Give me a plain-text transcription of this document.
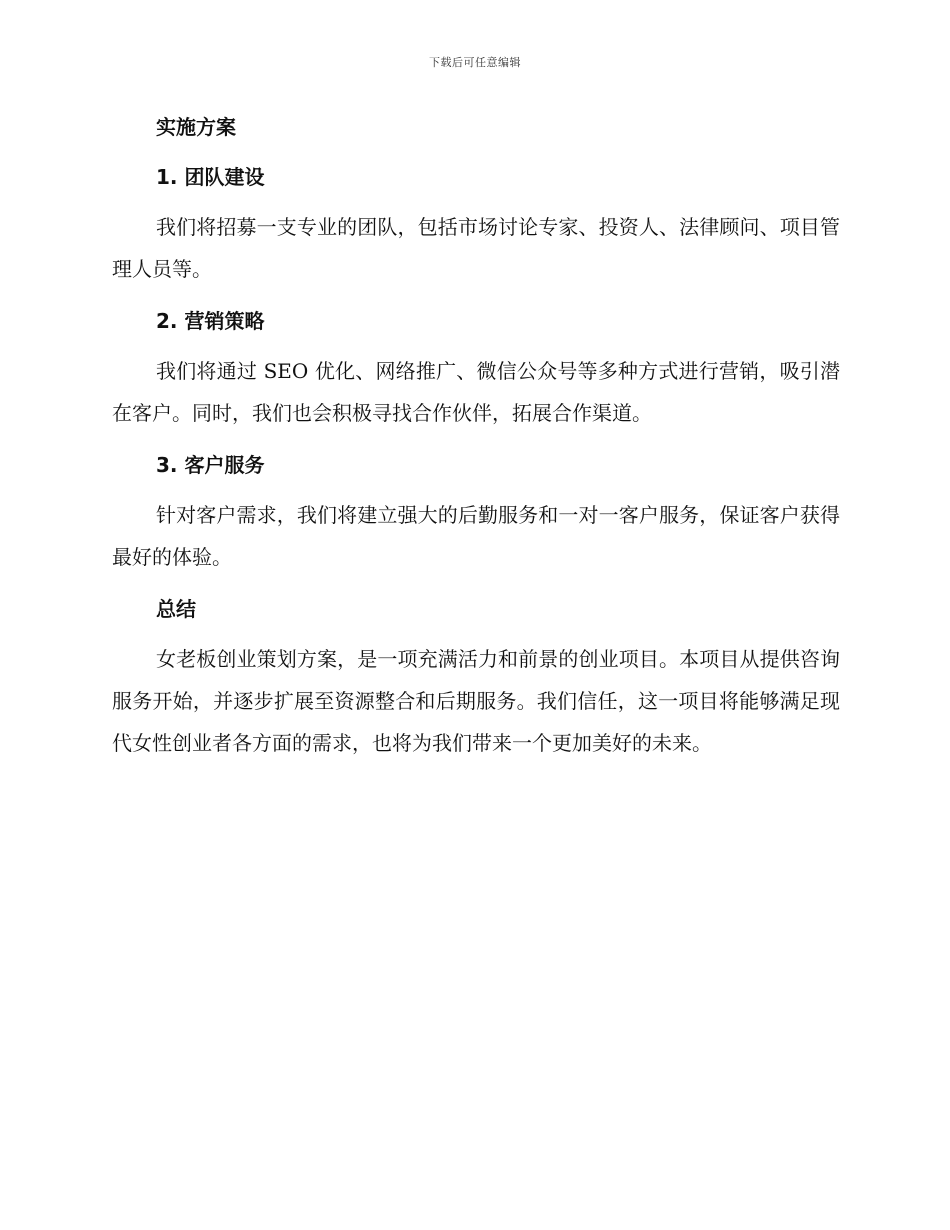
下载后可任意编辑
实施方案
1. 团队建设
我们将招募一支专业的团队，包括市场讨论专家、投资人、法律顾问、项目管理人员等。
2. 营销策略
我们将通过 SEO 优化、网络推广、微信公众号等多种方式进行营销，吸引潜在客户。同时，我们也会积极寻找合作伙伴，拓展合作渠道。
3. 客户服务
针对客户需求，我们将建立强大的后勤服务和一对一客户服务，保证客户获得最好的体验。
总结
女老板创业策划方案，是一项充满活力和前景的创业项目。本项目从提供咨询服务开始，并逐步扩展至资源整合和后期服务。我们信任，这一项目将能够满足现代女性创业者各方面的需求，也将为我们带来一个更加美好的未来。
